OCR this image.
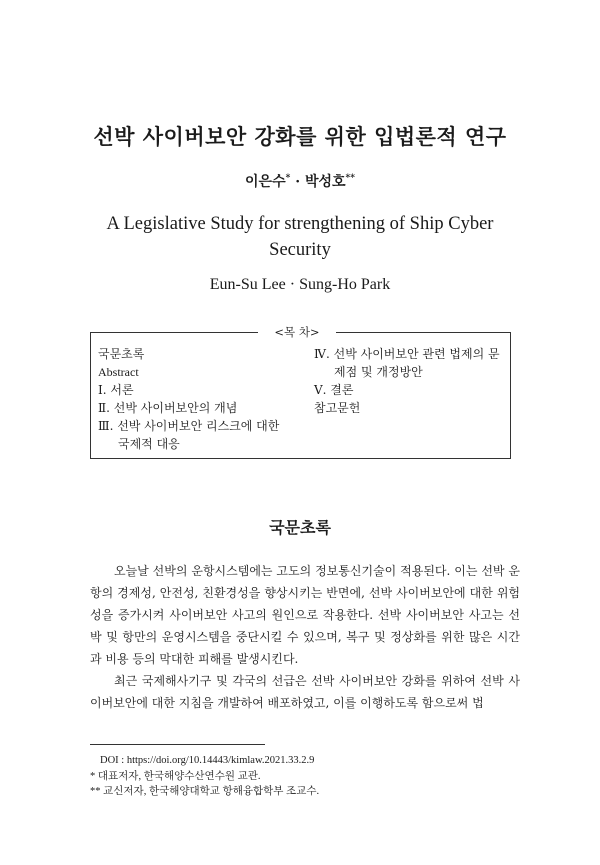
선박 사이버보안 강화를 위한 입법론적 연구
이은수* · 박성호**
A Legislative Study for strengthening of Ship Cyber Security
Eun-Su Lee · Sung-Ho Park
<목 차>
국문초록
Abstract
Ⅰ. 서론
Ⅱ. 선박 사이버보안의 개념
Ⅲ. 선박 사이버보안 리스크에 대한
국제적 대응
Ⅳ. 선박 사이버보안 관련 법제의 문
제점 및 개정방안
Ⅴ. 결론
참고문헌
국문초록

오늘날 선박의 운항시스템에는 고도의 정보통신기술이 적용된다. 이는 선박 운항의 경제성, 안전성, 친환경성을 향상시키는 반면에, 선박 사이버보안에 대한 위험성을 증가시켜 사이버보안 사고의 원인으로 작용한다. 선박 사이버보안 사고는 선박 및 항만의 운영시스템을 중단시킬 수 있으며, 복구 및 정상화를 위한 많은 시간과 비용 등의 막대한 피해를 발생시킨다.

최근 국제해사기구 및 각국의 선급은 선박 사이버보안 강화를 위하여 선박 사이버보안에 대한 지침을 개발하여 배포하였고, 이를 이행하도록 함으로써 법

DOI : https://doi.org/10.14443/kimlaw.2021.33.2.9
* 대표저자, 한국해양수산연수원 교관.
** 교신저자, 한국해양대학교 항해융합학부 조교수.
